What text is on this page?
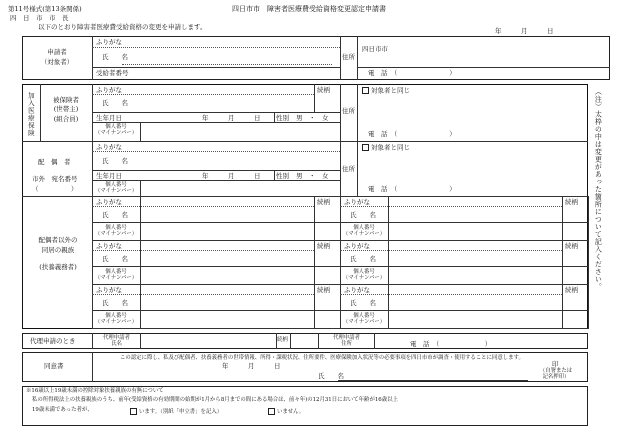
第11号様式(第13条関係)	四日市市　障害者医療費受給資格変更認定申請書
四　日　市　市　長
以下のとおり障害者医療費受給資格の変更を申請します。	年　　　月　　　日
申請者
（対象者）
ふりがな
氏　　名
受給者番号
住所
四日市市
電　話　（　　　　　　　　）
加入医療保険	被保険者
(世帯主)
(組合員)
ふりがな
氏　　名
続柄
生年月日	年　　　月　　　日 性別 男　・　女
個人番号
（マイナンバー）
住所
対象者と同じ
電　話　（　　　　　　　　）
配　偶　者
市外　宛名番号
（　　　　　）
ふりがな
氏　　名
生年月日	年　　　月　　　日 性別 男　・　女
個人番号
（マイナンバー）
住所
対象者と同じ
電　話　（　　　　　　　　）
配偶者以外の
同居の親族
(扶養義務者)
ふりがな
氏　　名
続柄
個人番号
（マイナンバー）
ふりがな
氏　　名
続柄
個人番号
（マイナンバー）
ふりがな
氏　　名
続柄
個人番号
（マイナンバー）
ふりがな
氏　　名
続柄
個人番号
（マイナンバー）
ふりがな
氏　　名
続柄
個人番号
（マイナンバー）
ふりがな
氏　　名
続柄
個人番号
（マイナンバー）
代理申請のとき	代理申請者
氏名
続柄	代理申請者
住所	電　話　（　　　　　　　）
同意書
この認定に際し、私及び配偶者、扶養義務者の世帯情報、所得・課税状況、住所要件、医療保険加入状況等の必要事項を四日市市が調査・使用することに同意します。
年　　　月　　　日
氏　　名
印
（自署または
記名押印）
※16歳以上19歳未満の控除対象扶養親族の有無について
私の所得税法上の扶養親族のうち、前年(受給資格の有効期間の始期が1月から8月までの間にある場合は、前々年)の12月31日において年齢が16歳以上
19歳未満であった者が、	います。（別紙「申立書」を記入）	いません。
（注）太枠の中は変更があった箇所について記入ください。
